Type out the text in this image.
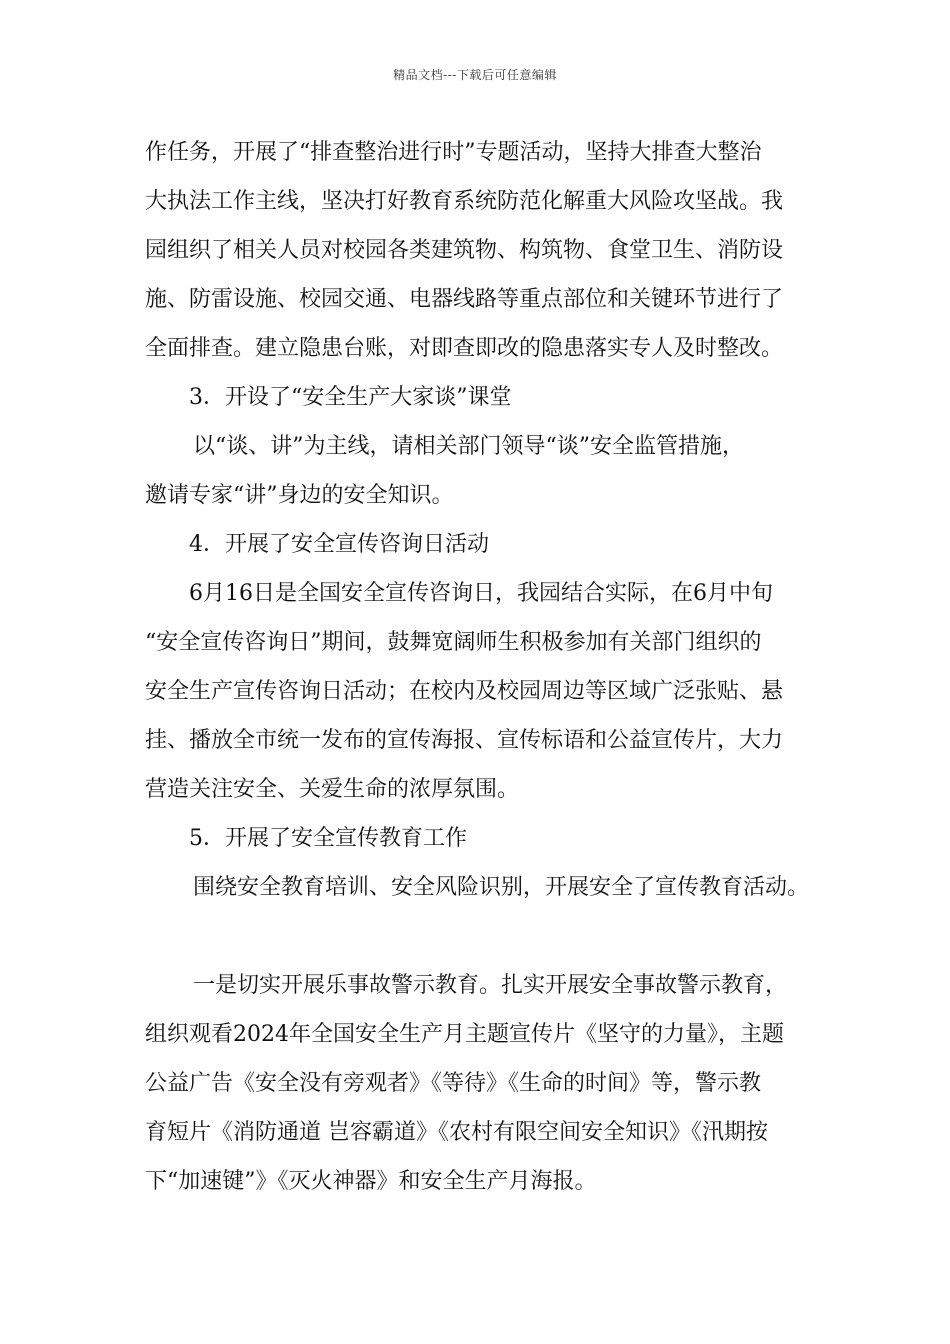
精品文档---下载后可任意编辑
作任务，开展了“排查整治进行时”专题活动，坚持大排查大整治
大执法工作主线，坚决打好教育系统防范化解重大风险攻坚战。我
园组织了相关人员对校园各类建筑物、构筑物、食堂卫生、消防设
施、防雷设施、校园交通、电器线路等重点部位和关键环节进行了
全面排查。建立隐患台账，对即查即改的隐患落实专人及时整改。
3．开设了“安全生产大家谈”课堂
以“谈、讲”为主线，请相关部门领导“谈”安全监管措施，
邀请专家“讲”身边的安全知识。
4．开展了安全宣传咨询日活动
6月16日是全国安全宣传咨询日，我园结合实际，在6月中旬
“安全宣传咨询日”期间，鼓舞宽阔师生积极参加有关部门组织的
安全生产宣传咨询日活动；在校内及校园周边等区域广泛张贴、悬
挂、播放全市统一发布的宣传海报、宣传标语和公益宣传片，大力
营造关注安全、关爱生命的浓厚氛围。
5．开展了安全宣传教育工作
围绕安全教育培训、安全风险识别，开展安全了宣传教育活动。
一是切实开展乐事故警示教育。扎实开展安全事故警示教育，
组织观看2024年全国安全生产月主题宣传片《坚守的力量》，主题
公益广告《安全没有旁观者》《等待》《生命的时间》等，警示教
育短片《消防通道 岂容霸道》《农村有限空间安全知识》《汛期按
下“加速键”》《灭火神器》和安全生产月海报。
